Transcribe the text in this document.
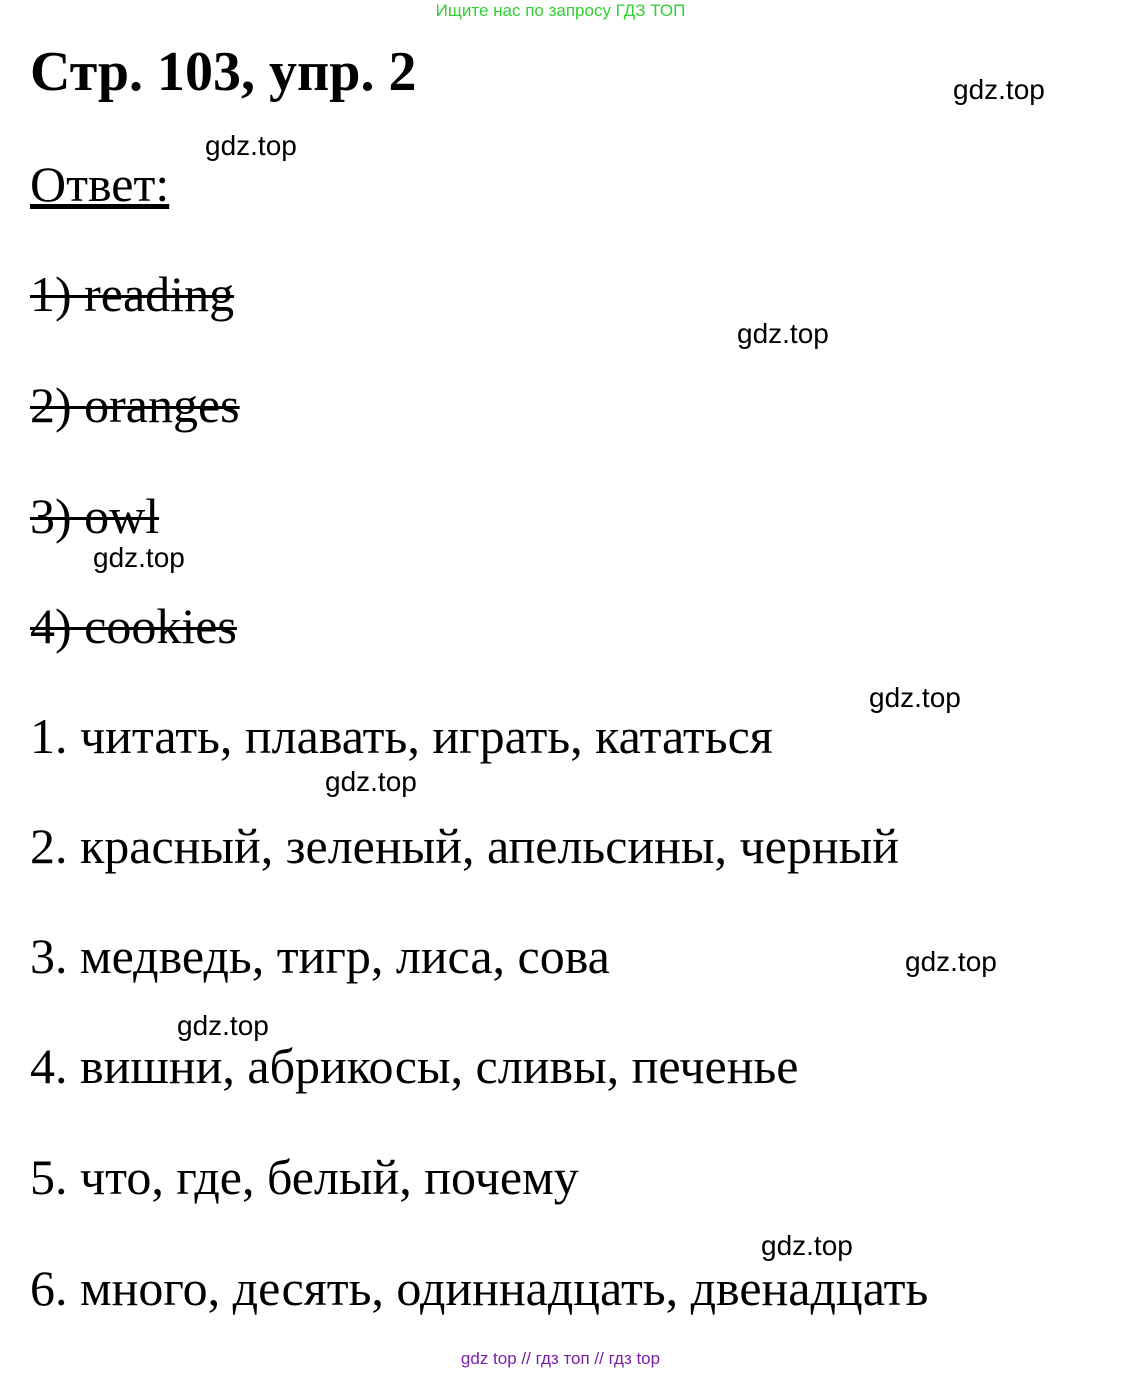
Ищите нас по запросу ГДЗ ТОП
Стр. 103, упр. 2
Ответ:
1) reading
2) oranges
3) owl
4) cookies
1. читать, плавать, играть, кататься
2. красный, зеленый, апельсины, черный
3. медведь, тигр, лиса, сова
4. вишни, абрикосы, сливы, печенье
5. что, где, белый, почему
6. много, десять, одиннадцать, двенадцать
gdz.top
gdz.top
gdz.top
gdz.top
gdz.top
gdz.top
gdz.top
gdz.top
gdz.top
gdz top // гдз топ // гдз top
